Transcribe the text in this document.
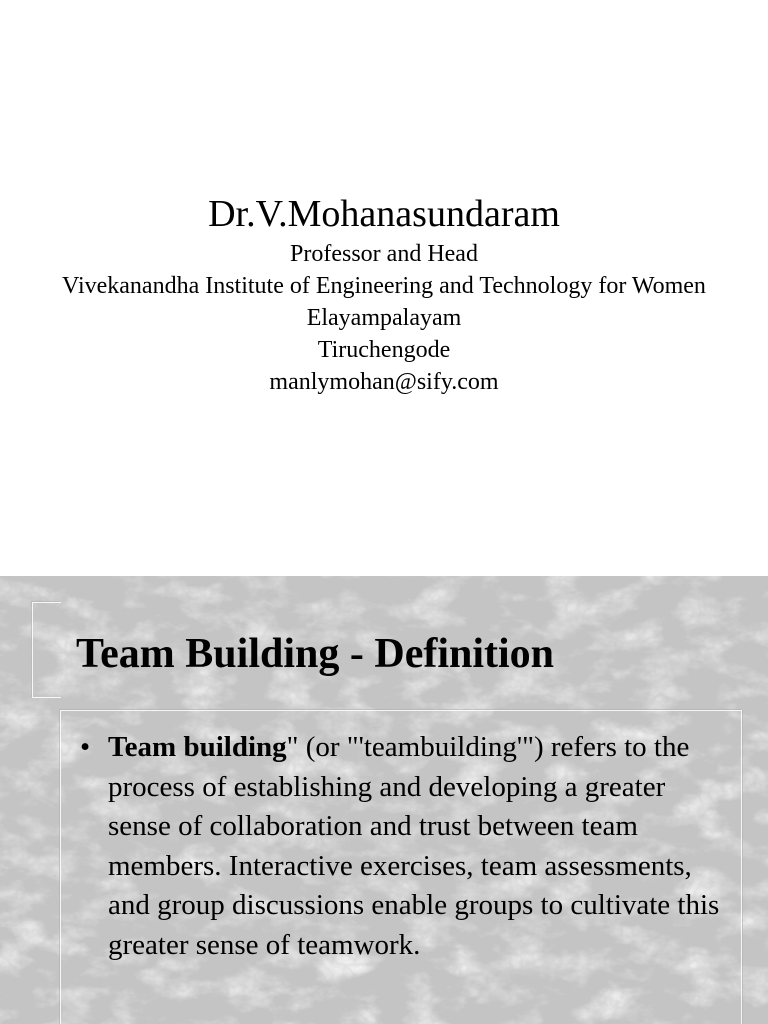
Dr.V.Mohanasundaram

Professor and Head

Vivekanandha Institute of Engineering and Technology for Women

Elayampalayam

Tiruchengode

manlymohan@sify.com

Team Building - Definition
• Team building" (or "'teambuilding'") refers to the process of establishing and developing a greater sense of collaboration and trust between team members. Interactive exercises, team assessments, and group discussions enable groups to cultivate this greater sense of teamwork.
